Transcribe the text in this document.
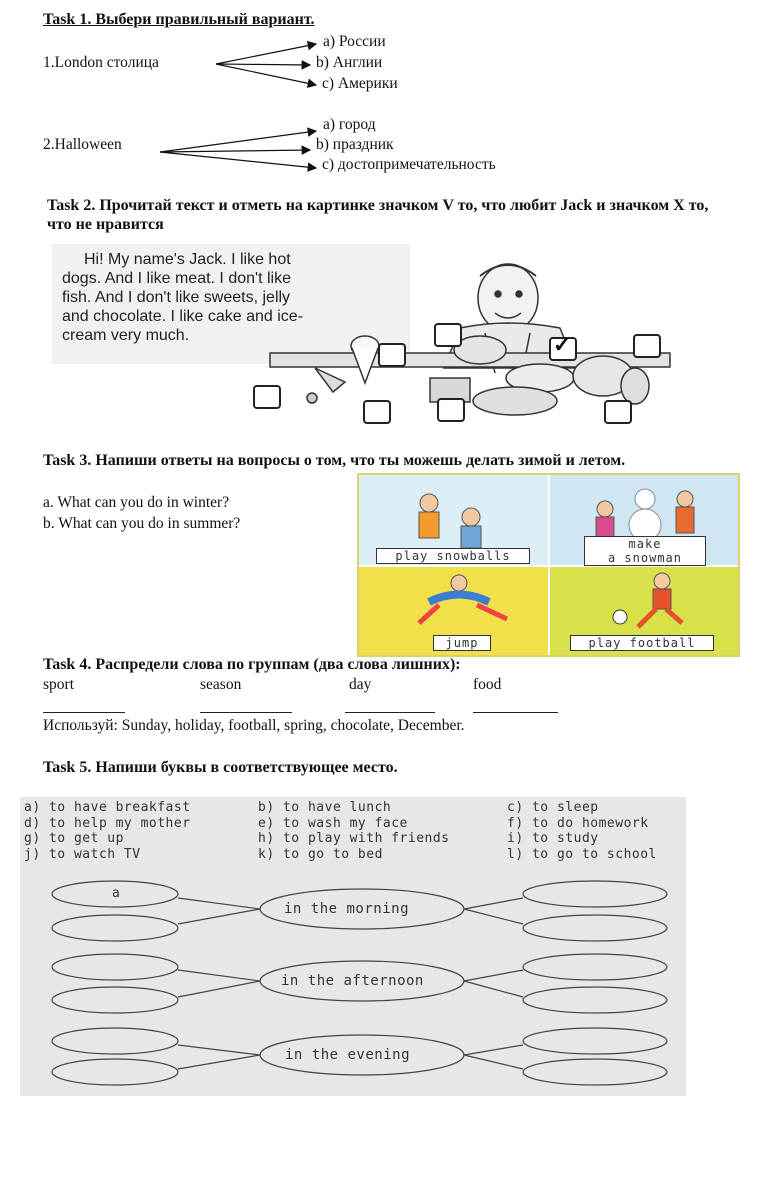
Task 1. Выбери правильный вариант.
1.London столица
a) России
b) Англии
c) Америки
2.Halloween
a) город
b) праздник
c) достопримечательность
Task 2. Прочитай текст и отметь на картинке значком V то, что любит Jack и значком X то, что не нравится
Hi! My name's Jack. I like hot
dogs. And I like meat. I don't like
fish. And I don't like sweets, jelly
and chocolate. I like cake and ice-
cream very much.	✓
Task 3. Напиши ответы на вопросы о том, что ты можешь делать зимой и летом.
a. What can you do in winter?
b. What can you do in summer?
play snowballs
make
a snowman
jump	play football
Task 4. Распредели слова по группам (два слова лишних):
sport	season	day	food
Используй: Sunday, holiday, football, spring, chocolate, December.
Task 5. Напиши буквы в соответствующее место.
a) to have breakfast	b) to have lunch	c) to sleep
d) to help my mother	e) to wash my face	f) to do homework
g) to get up	h) to play with friends	i) to study
j) to watch TV	k) to go to bed	l) to go to school
a
in the morning
in the afternoon
in the evening
